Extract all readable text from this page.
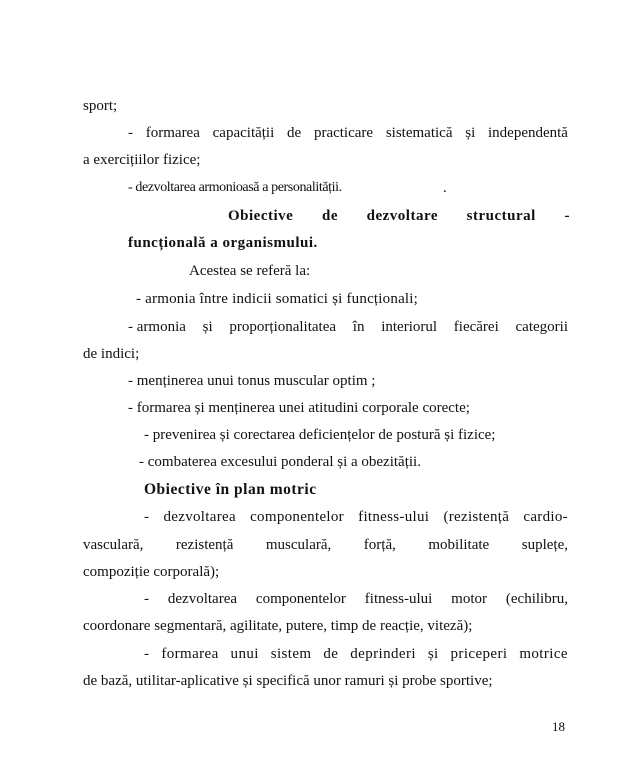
sport;
- formarea capacității de practicare sistematică și independentă
a exercițiilor fizice;
- dezvoltarea armonioasă a personalității.	.
Obiective de dezvoltare structural -
funcțională a organismului.
Acestea se referă la:
- armonia între indicii somatici și funcționali;
- armonia și proporționalitatea în interiorul fiecărei categorii
de indici;
- menținerea unui tonus muscular optim ;
- formarea și menținerea unei atitudini corporale corecte;
- prevenirea și corectarea deficiențelor de postură și fizice;
- combaterea excesului ponderal și a obezității.
Obiective în plan motric
- dezvoltarea componentelor fitness-ului (rezistență cardio-
vasculară, rezistență musculară, forță, mobilitate suplețe,
compoziție corporală);
- dezvoltarea componentelor fitness-ului motor (echilibru,
coordonare segmentară, agilitate, putere, timp de reacție, viteză);
- formarea unui sistem de deprinderi și priceperi motrice
de bază, utilitar-aplicative și specifică unor ramuri și probe sportive;
18
